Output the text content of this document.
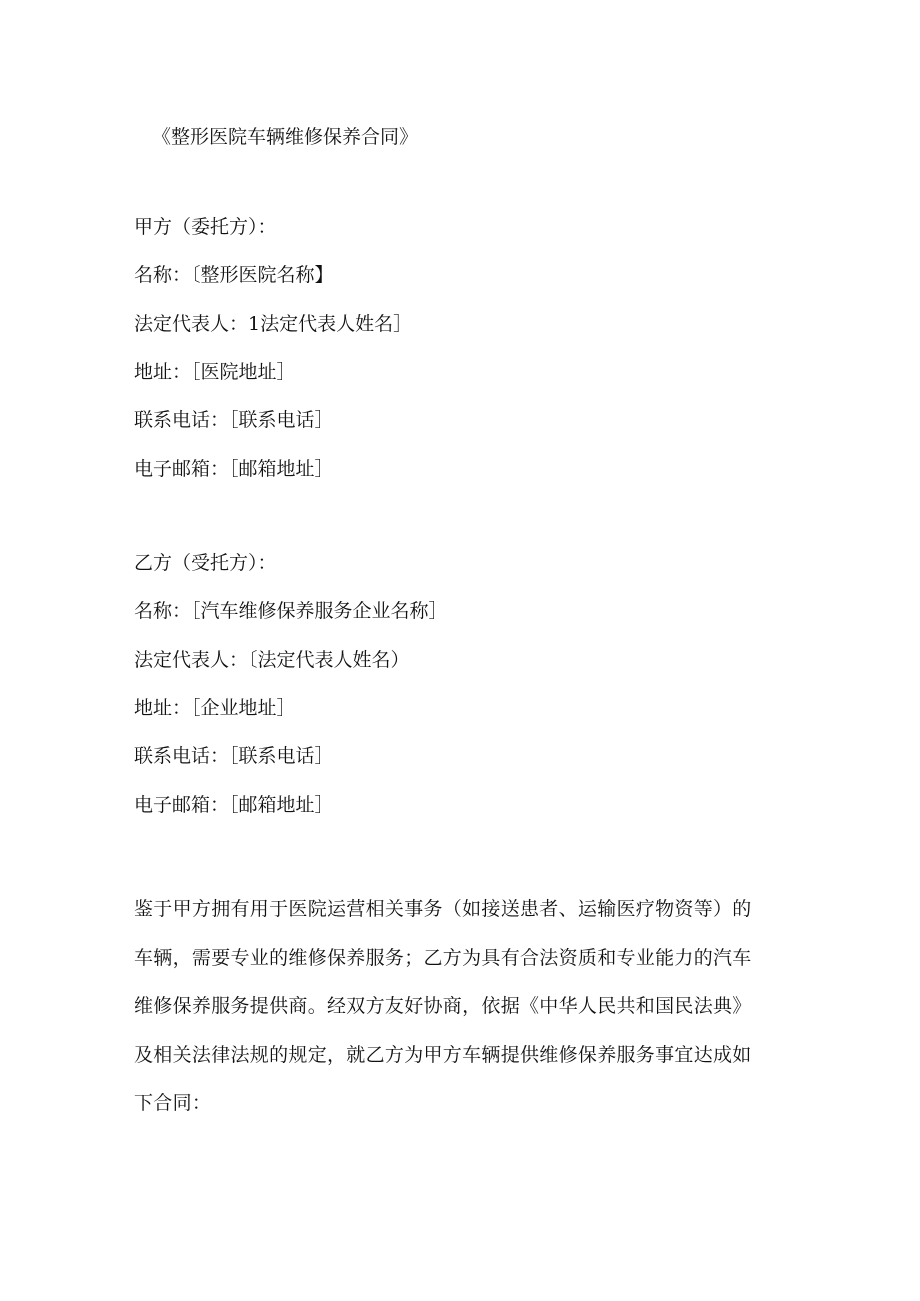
《整形医院车辆维修保养合同》
甲方（委托方）：
名称：〔整形医院名称】
法定代表人：1法定代表人姓名］
地址：［医院地址］
联系电话：［联系电话］
电子邮箱：［邮箱地址］
乙方（受托方）：
名称：［汽车维修保养服务企业名称］
法定代表人：〔法定代表人姓名）
地址：［企业地址］
联系电话：［联系电话］
电子邮箱：［邮箱地址］
鉴于甲方拥有用于医院运营相关事务（如接送患者、运输医疗物资等）的
车辆，需要专业的维修保养服务；乙方为具有合法资质和专业能力的汽车
维修保养服务提供商。经双方友好协商，依据《中华人民共和国民法典》
及相关法律法规的规定，就乙方为甲方车辆提供维修保养服务事宜达成如
下合同：
